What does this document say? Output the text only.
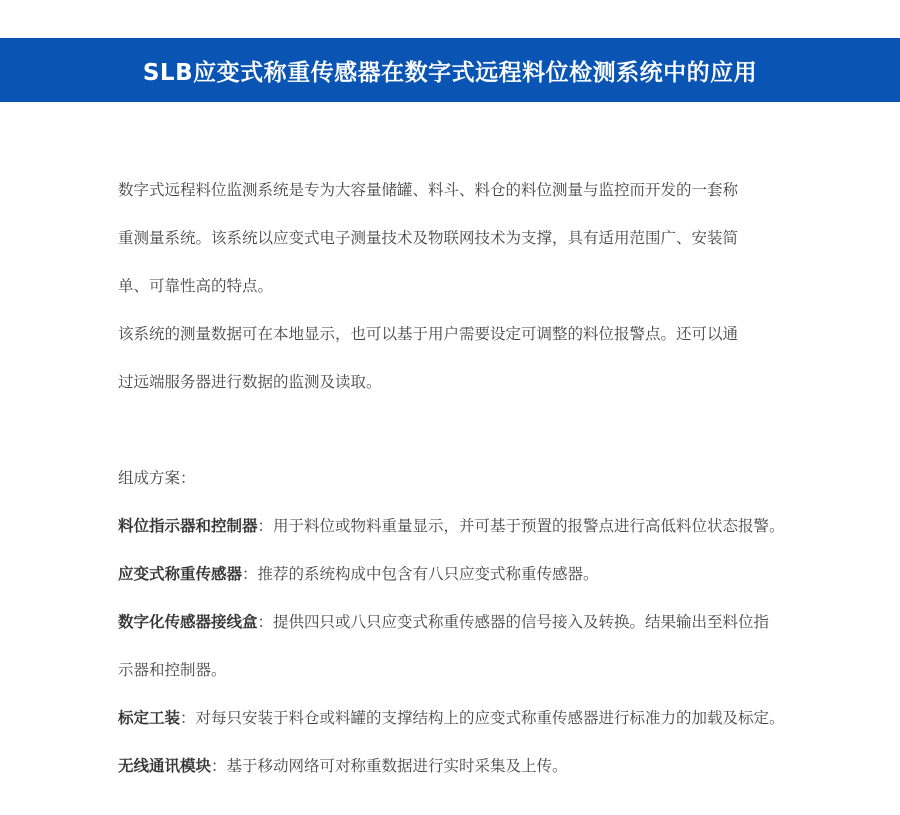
SLB应变式称重传感器在数字式远程料位检测系统中的应用
数字式远程料位监测系统是专为大容量储罐、料斗、料仓的料位测量与监控而开发的一套称
重测量系统。该系统以应变式电子测量技术及物联网技术为支撑，具有适用范围广、安装简
单、可靠性高的特点。
该系统的测量数据可在本地显示，也可以基于用户需要设定可调整的料位报警点。还可以通
过远端服务器进行数据的监测及读取。
组成方案：
料位指示器和控制器：用于料位或物料重量显示，并可基于预置的报警点进行高低料位状态报警。
应变式称重传感器：推荐的系统构成中包含有八只应变式称重传感器。
数字化传感器接线盒：提供四只或八只应变式称重传感器的信号接入及转换。结果输出至料位指
示器和控制器。
标定工装：对每只安装于料仓或料罐的支撑结构上的应变式称重传感器进行标准力的加载及标定。
无线通讯模块：基于移动网络可对称重数据进行实时采集及上传。
